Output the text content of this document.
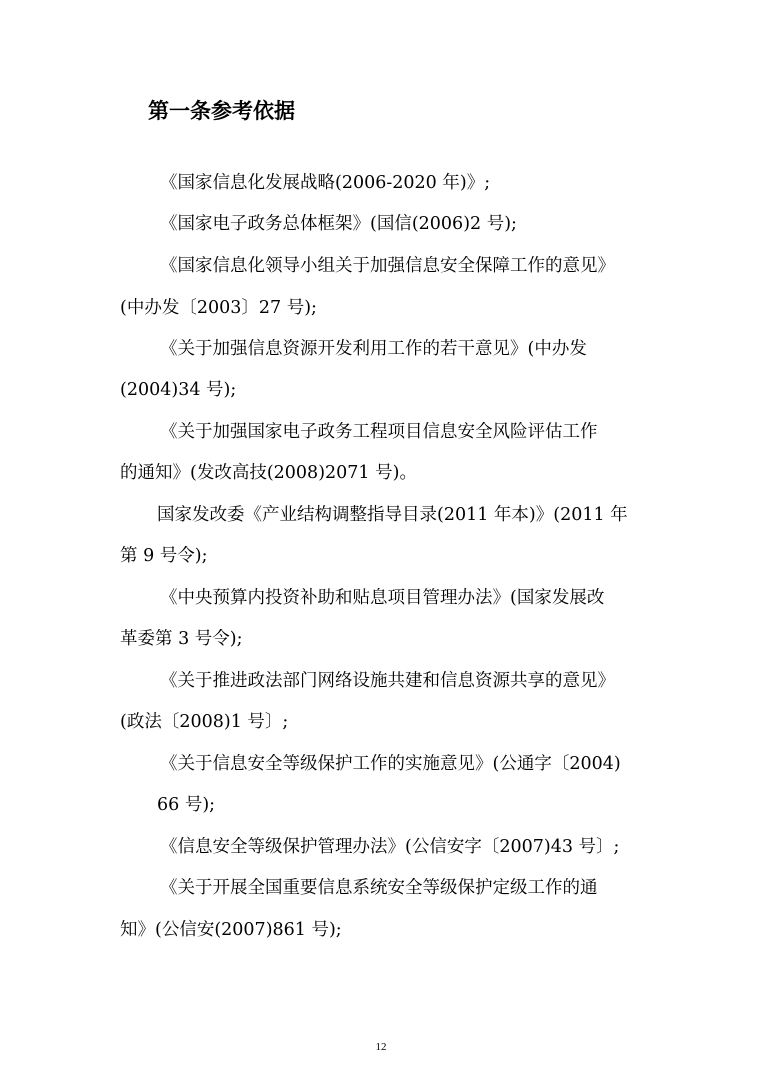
第一条参考依据
《国家信息化发展战略(2006-2020 年)》;
《国家电子政务总体框架》(国信(2006)2 号);
《国家信息化领导小组关于加强信息安全保障工作的意见》
(中办发〔2003〕27 号);
《关于加强信息资源开发利用工作的若干意见》(中办发
(2004)34 号);
《关于加强国家电子政务工程项目信息安全风险评估工作
的通知》(发改高技(2008)2071 号)。
国家发改委《产业结构调整指导目录(2011 年本)》(2011 年
第 9 号令);
《中央预算内投资补助和贴息项目管理办法》(国家发展改
革委第 3 号令);
《关于推进政法部门网络设施共建和信息资源共享的意见》
(政法〔2008)1 号〕;
《关于信息安全等级保护工作的实施意见》(公通字〔2004)
66 号);
《信息安全等级保护管理办法》(公信安字〔2007)43 号〕;
《关于开展全国重要信息系统安全等级保护定级工作的通
知》(公信安(2007)861 号);
12
